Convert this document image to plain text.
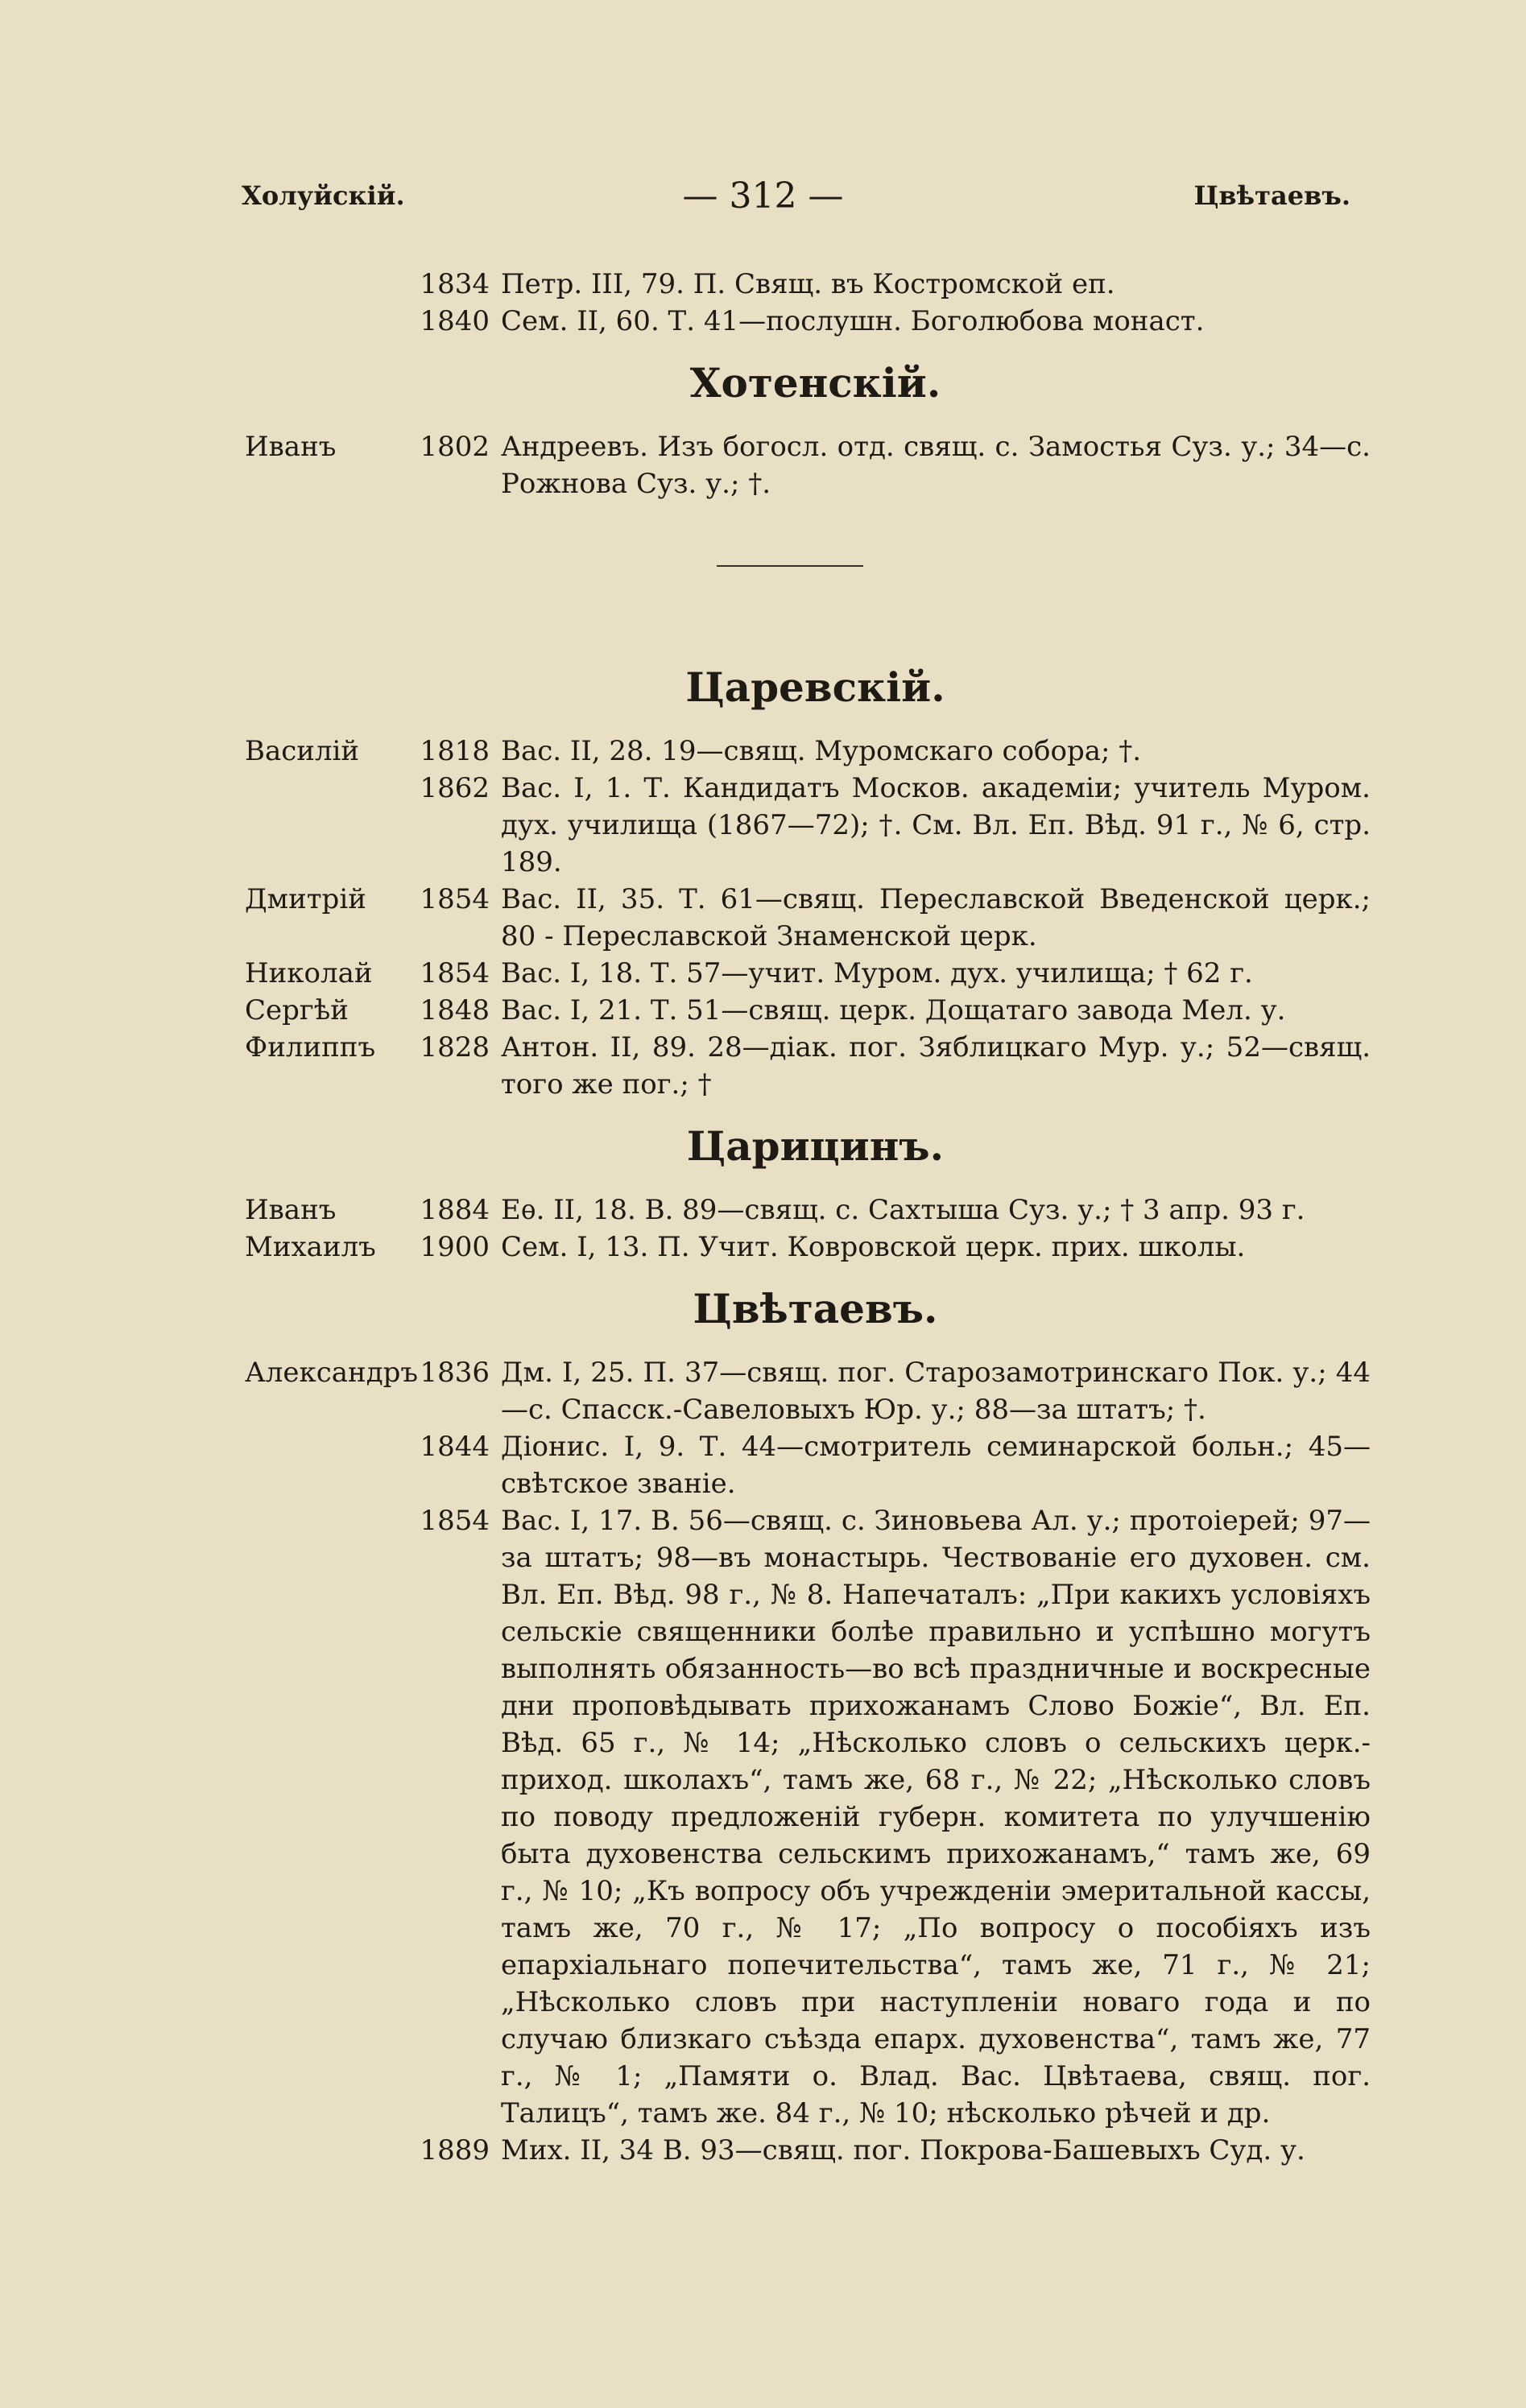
Холуйскій.	— 312 —	Цвѣтаевъ.
1834 Петр. III, 79. П. Свящ. въ Костромской еп.
1840 Сем. II, 60. Т. 41—послушн. Боголюбова монаст.
Хотенскій.
Иванъ	1802 Андреевъ. Изъ богосл. отд. свящ. с. Замостья Суз. у.; 34—с. Рожнова Суз. у.; †.
Царевскій.
Василій	1818 Вас. II, 28. 19—свящ. Муромскаго собора; †.
1862 Вас. I, 1. Т. Кандидатъ Москов. академіи; учитель Муром. дух. училища (1867—72); †. См. Вл. Еп. Вѣд. 91 г., № 6, стр. 189.
Дмитрій	1854 Вас. II, 35. Т. 61—свящ. Переславской Введенской церк.; 80 - Переславской Знаменской церк.
Николай	1854 Вас. I, 18. Т. 57—учит. Муром. дух. училища; † 62 г.
Сергѣй	1848 Вас. I, 21. Т. 51—свящ. церк. Дощатаго завода Мел. у.
Филиппъ	1828 Антон. II, 89. 28—діак. пог. Зяблицкаго Мур. у.; 52—свящ. того же пог.; †
Царицинъ.
Иванъ	1884 Еѳ. II, 18. В. 89—свящ. с. Сахтыша Суз. у.; † 3 апр. 93 г.
Михаилъ	1900 Сем. I, 13. П. Учит. Ковровской церк. прих. школы.
Цвѣтаевъ.
Александръ 1836 Дм. I, 25. П. 37—свящ. пог. Старозамотринскаго Пок. у.; 44—с. Спасск.-Савеловыхъ Юр. у.; 88—за штатъ; †.
1844 Діонис. I, 9. Т. 44—смотритель семинарской больн.; 45—свѣтское званіе.
1854 Вас. I, 17. В. 56—свящ. с. Зиновьева Ал. у.; протоіерей; 97—за штатъ; 98—въ монастырь. Чествованіе его духовен. см. Вл. Еп. Вѣд. 98 г., № 8. Напечаталъ: „При какихъ условіяхъ сельскіе священники болѣе правильно и успѣшно могутъ выполнять обязанность—во всѣ праздничные и воскресные дни проповѣдывать прихожанамъ Слово Божіе“, Вл. Еп. Вѣд. 65 г., № 14; „Нѣсколько словъ о сельскихъ церк.-приход. школахъ“, тамъ же, 68 г., № 22; „Нѣсколько словъ по поводу предложеній губерн. комитета по улучшенію быта духовенства сельскимъ прихожанамъ,“ тамъ же, 69 г., № 10; „Къ вопросу объ учрежденіи эмеритальной кассы, тамъ же, 70 г., № 17; „По вопросу о пособіяхъ изъ епархіальнаго попечительства“, тамъ же, 71 г., № 21; „Нѣсколько словъ при наступленіи новаго года и по случаю близкаго съѣзда епарх. духовенства“, тамъ же, 77 г., № 1; „Памяти о. Влад. Вас. Цвѣтаева, свящ. пог. Талицъ“, тамъ же. 84 г., № 10; нѣсколько рѣчей и др.
1889 Мих. II, 34 В. 93—свящ. пог. Покрова-Башевыхъ Суд. у.
